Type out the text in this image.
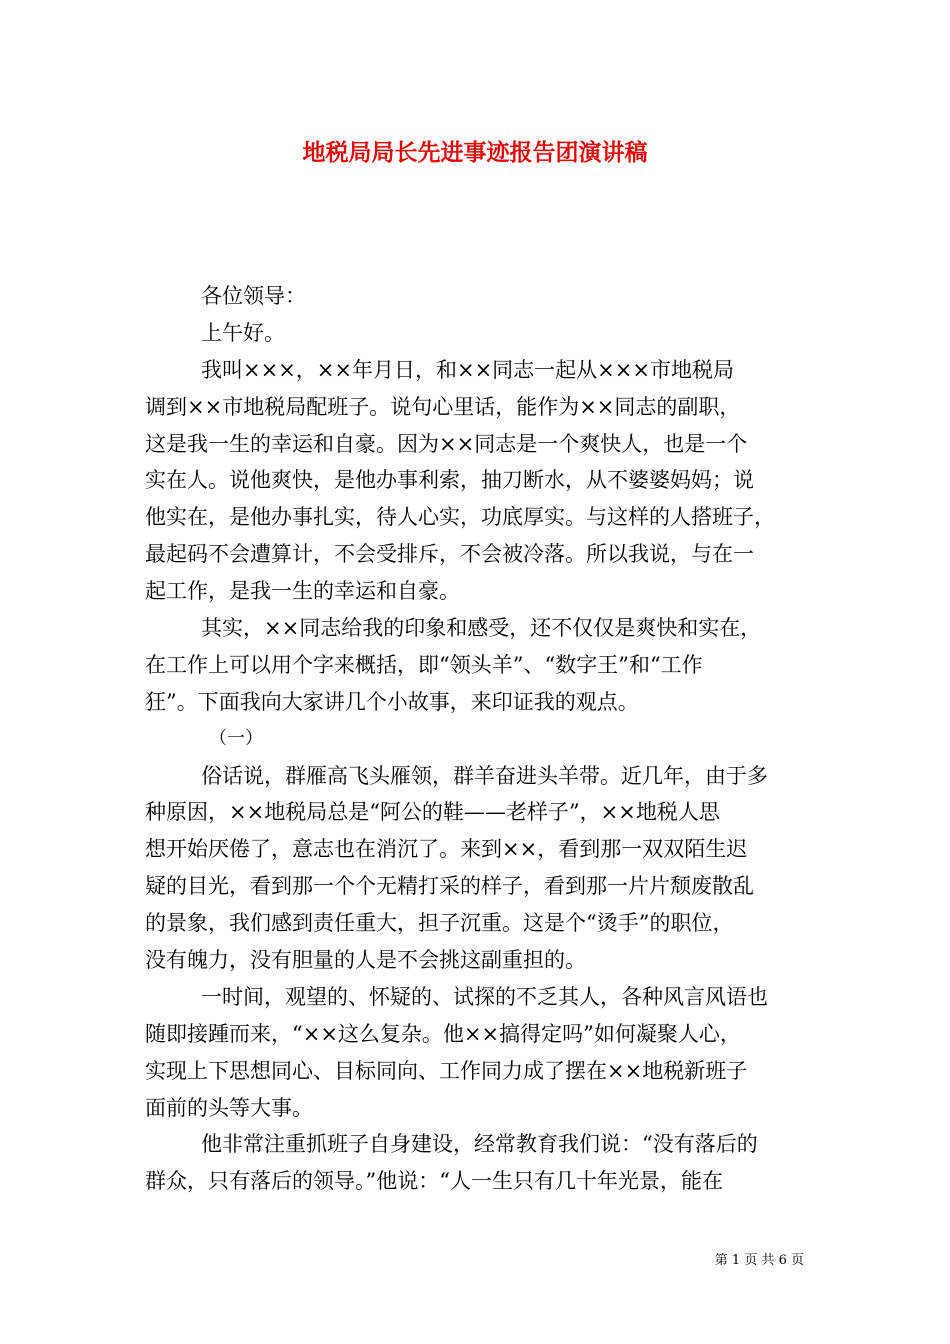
地税局局长先进事迹报告团演讲稿
各位领导：
上午好。
我叫×××，××年月日，和××同志一起从×××市地税局
调到××市地税局配班子。说句心里话，能作为××同志的副职，
这是我一生的幸运和自豪。因为××同志是一个爽快人，也是一个
实在人。说他爽快，是他办事利索，抽刀断水，从不婆婆妈妈；说
他实在，是他办事扎实，待人心实，功底厚实。与这样的人搭班子，
最起码不会遭算计，不会受排斥，不会被冷落。所以我说，与在一
起工作，是我一生的幸运和自豪。
其实，××同志给我的印象和感受，还不仅仅是爽快和实在，
在工作上可以用个字来概括，即“领头羊”、“数字王”和“工作
狂”。下面我向大家讲几个小故事，来印证我的观点。
（一）
俗话说，群雁高飞头雁领，群羊奋进头羊带。近几年，由于多
种原因，××地税局总是“阿公的鞋——老样子”，××地税人思
想开始厌倦了，意志也在消沉了。来到××，看到那一双双陌生迟
疑的目光，看到那一个个无精打采的样子，看到那一片片颓废散乱
的景象，我们感到责任重大，担子沉重。这是个“烫手”的职位，
没有魄力，没有胆量的人是不会挑这副重担的。
一时间，观望的、怀疑的、试探的不乏其人，各种风言风语也
随即接踵而来，“××这么复杂。他××搞得定吗”如何凝聚人心，
实现上下思想同心、目标同向、工作同力成了摆在××地税新班子
面前的头等大事。
他非常注重抓班子自身建设，经常教育我们说：“没有落后的
群众，只有落后的领导。”他说：“人一生只有几十年光景，能在
第 1 页 共 6 页
